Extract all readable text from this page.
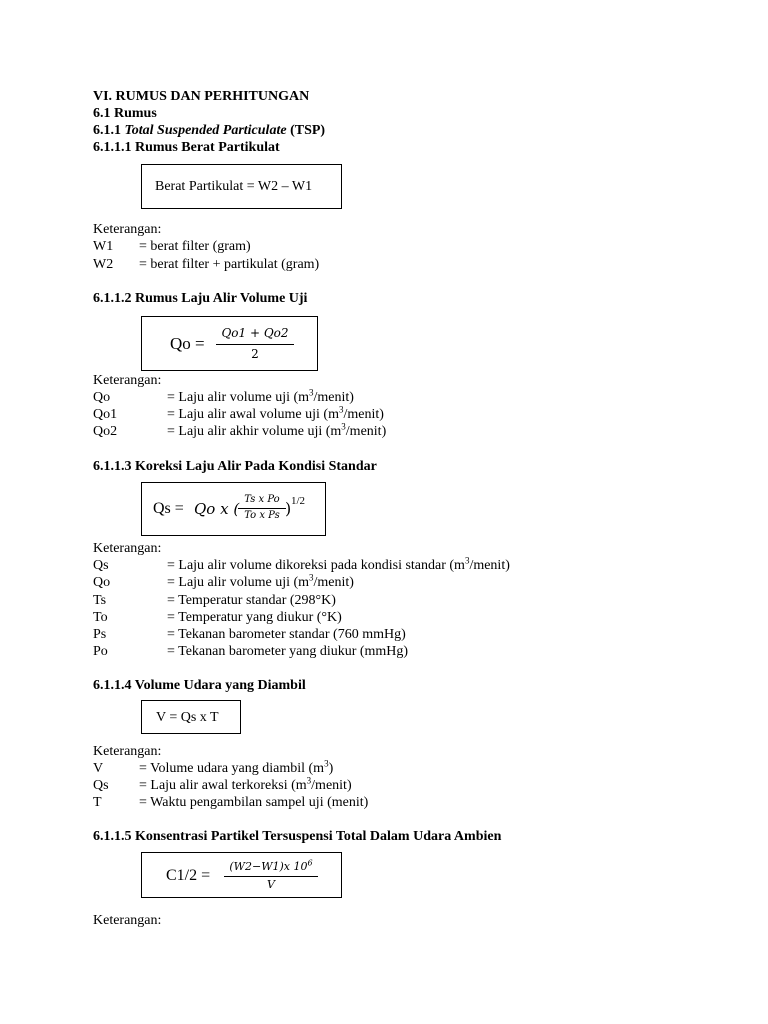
VI. RUMUS DAN PERHITUNGAN
6.1 Rumus
6.1.1 Total Suspended Particulate (TSP)
6.1.1.1 Rumus Berat Partikulat
Berat Partikulat = W2 – W1
Keterangan:
W1 = berat filter (gram)
W2 = berat filter + partikulat (gram)
6.1.1.2 Rumus Laju Alir Volume Uji
Qo =
Qo1 + Qo2
2
Keterangan:
Qo	= Laju alir volume uji $(m^3/menit)$
Qo1	= Laju alir awal volume uji $(m^3/menit)$
Qo2	= Laju alir akhir volume uji $(m^3/menit)$
6.1.1.3 Koreksi Laju Alir Pada Kondisi Standar
Qs = Qo x (
Ts x Po
To x Ps ) 1/2
Keterangan:
Qs	= Laju alir volume dikoreksi pada kondisi standar $(m^3/menit)$
Qo	= Laju alir volume uji $(m^3/menit)$
Ts	= Temperatur standar (298°K)
To	= Temperatur yang diukur (°K)
Ps	= Tekanan barometer standar (760 mmHg)
Po	= Tekanan barometer yang diukur (mmHg)
6.1.1.4 Volume Udara yang Diambil
V = Qs x T
Keterangan:
V	= Volume udara yang diambil $(m^3)$
Qs = Laju alir awal terkoreksi $(m^3/menit)$
T	= Waktu pengambilan sampel uji (menit)
6.1.1.5 Konsentrasi Partikel Tersuspensi Total Dalam Udara Ambien
C1/2 =
(W2−W1)x $10^6$
V
Keterangan:
